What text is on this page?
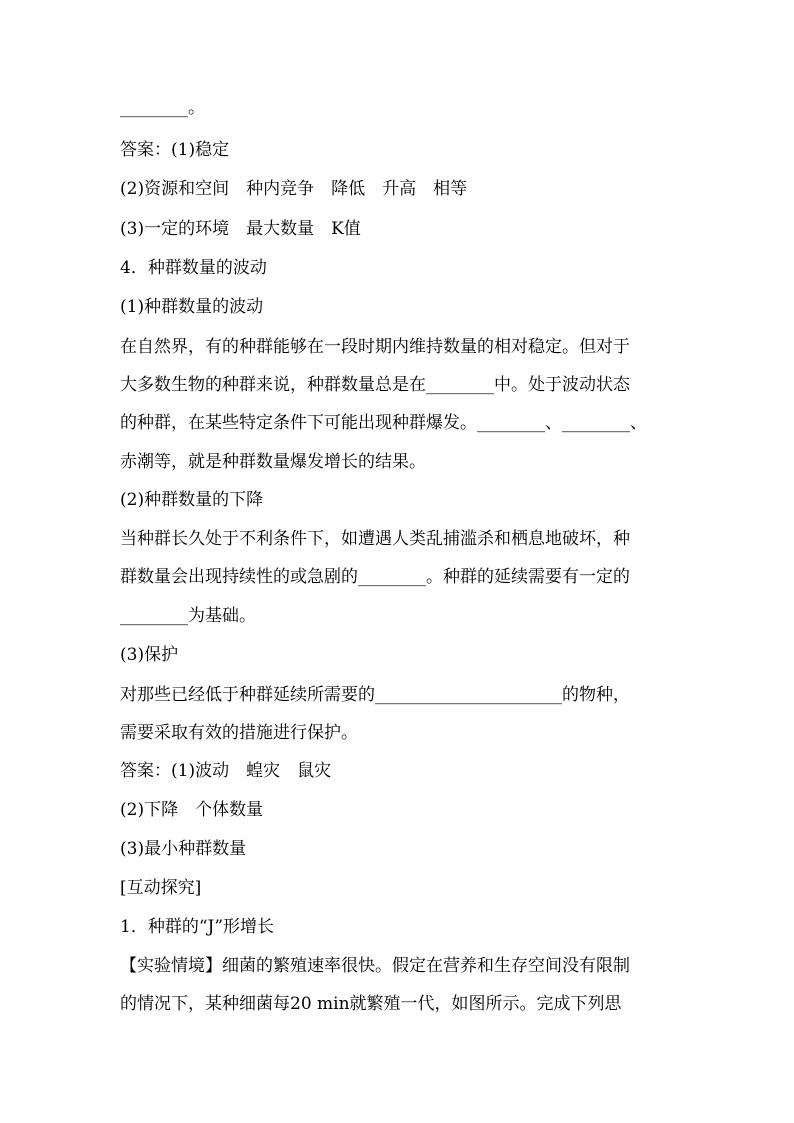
________。
答案：(1)稳定
(2)资源和空间　种内竞争　降低　升高　相等
(3)一定的环境　最大数量　K值
4．种群数量的波动
(1)种群数量的波动
在自然界，有的种群能够在一段时期内维持数量的相对稳定。但对于
大多数生物的种群来说，种群数量总是在________中。处于波动状态
的种群，在某些特定条件下可能出现种群爆发。________、________、
赤潮等，就是种群数量爆发增长的结果。
(2)种群数量的下降
当种群长久处于不利条件下，如遭遇人类乱捕滥杀和栖息地破坏，种
群数量会出现持续性的或急剧的________。种群的延续需要有一定的
________为基础。
(3)保护
对那些已经低于种群延续所需要的______________________的物种，
需要采取有效的措施进行保护。
答案：(1)波动　蝗灾　鼠灾
(2)下降　个体数量
(3)最小种群数量
[互动探究]
1．种群的“J”形增长
【实验情境】细菌的繁殖速率很快。假定在营养和生存空间没有限制
的情况下，某种细菌每20 min就繁殖一代，如图所示。完成下列思
